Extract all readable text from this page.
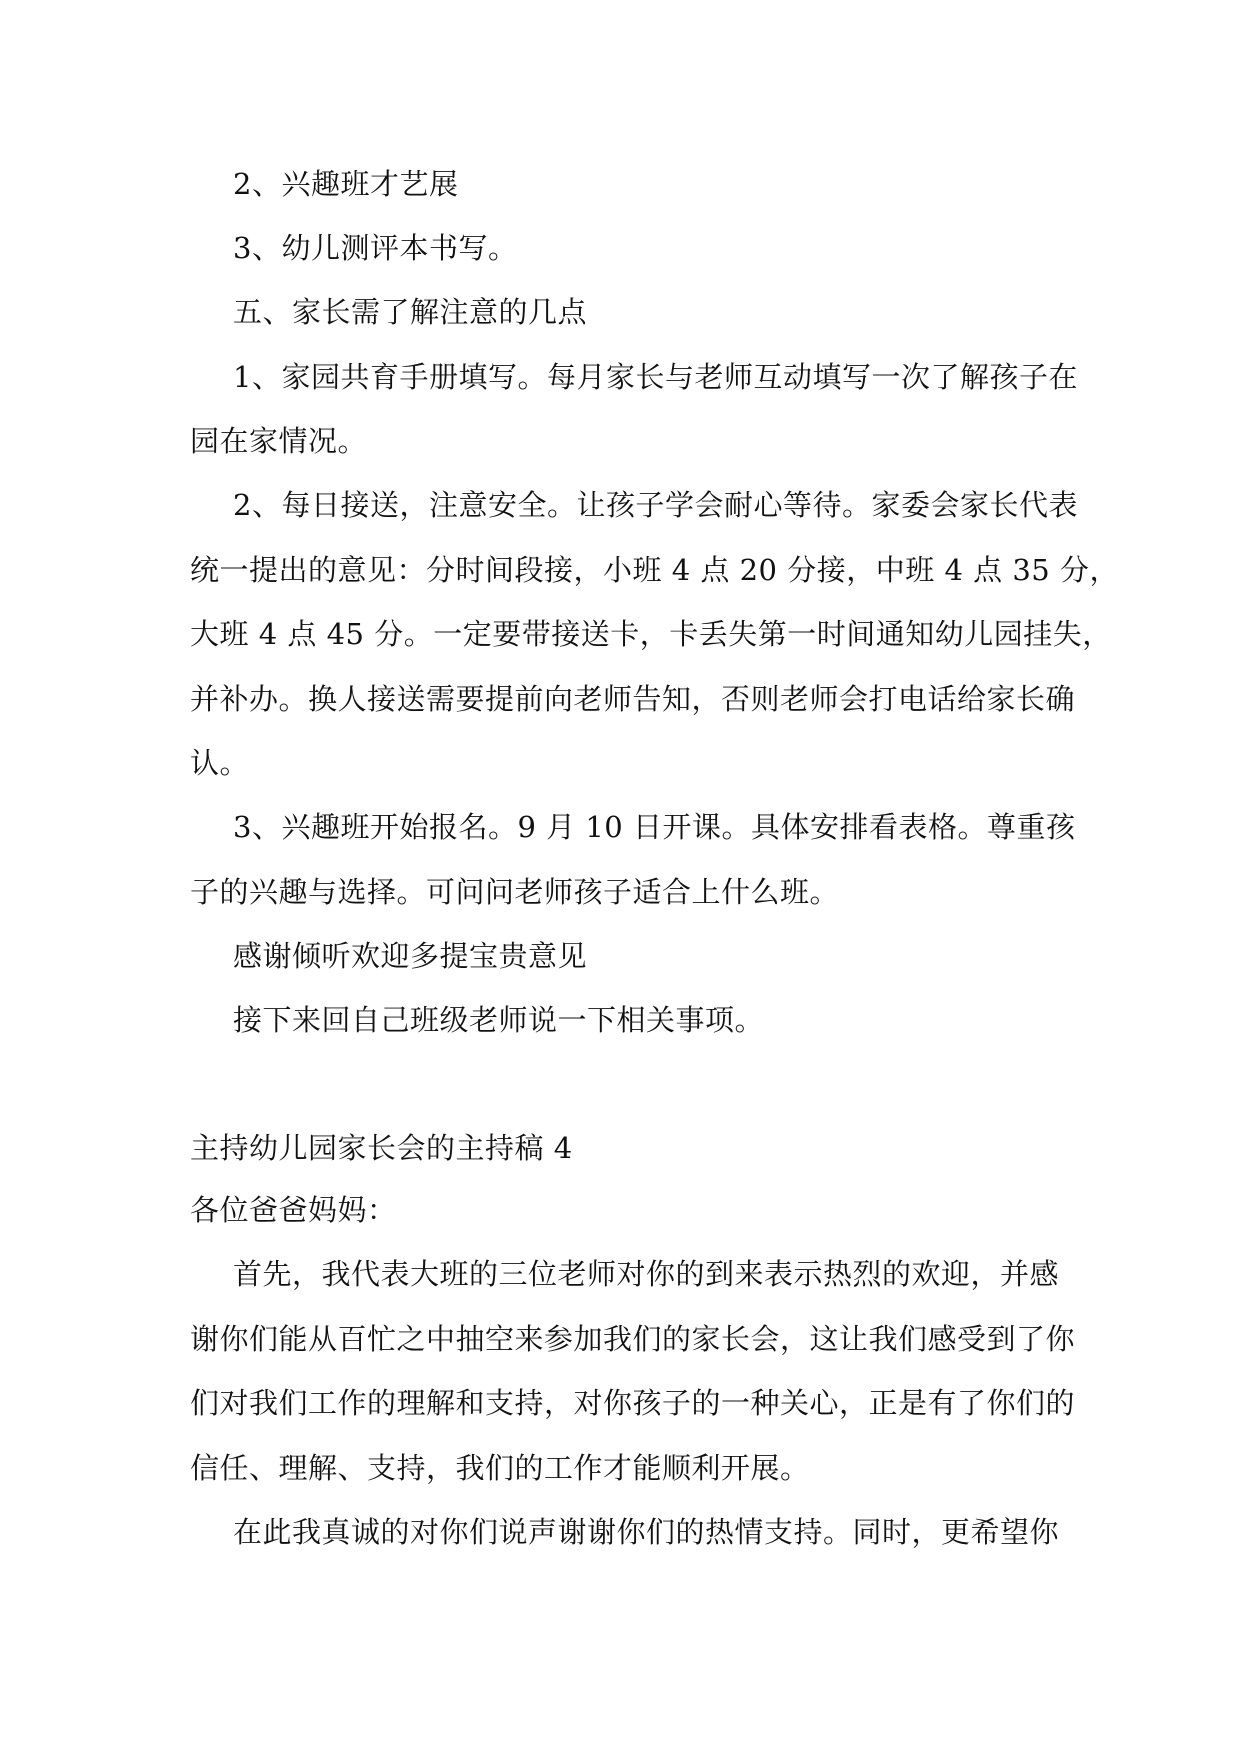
2、兴趣班才艺展
3、幼儿测评本书写。
五、家长需了解注意的几点
1、家园共育手册填写。每月家长与老师互动填写一次了解孩子在
园在家情况。
2、每日接送，注意安全。让孩子学会耐心等待。家委会家长代表
统一提出的意见：分时间段接，小班 4 点 20 分接，中班 4 点 35 分，
大班 4 点 45 分。一定要带接送卡，卡丢失第一时间通知幼儿园挂失，
并补办。换人接送需要提前向老师告知，否则老师会打电话给家长确
认。
3、兴趣班开始报名。9 月 10 日开课。具体安排看表格。尊重孩
子的兴趣与选择。可问问老师孩子适合上什么班。
感谢倾听欢迎多提宝贵意见
接下来回自己班级老师说一下相关事项。
主持幼儿园家长会的主持稿 4
各位爸爸妈妈：
首先，我代表大班的三位老师对你的到来表示热烈的欢迎，并感
谢你们能从百忙之中抽空来参加我们的家长会，这让我们感受到了你
们对我们工作的理解和支持，对你孩子的一种关心，正是有了你们的
信任、理解、支持，我们的工作才能顺利开展。
在此我真诚的对你们说声谢谢你们的热情支持。同时，更希望你
